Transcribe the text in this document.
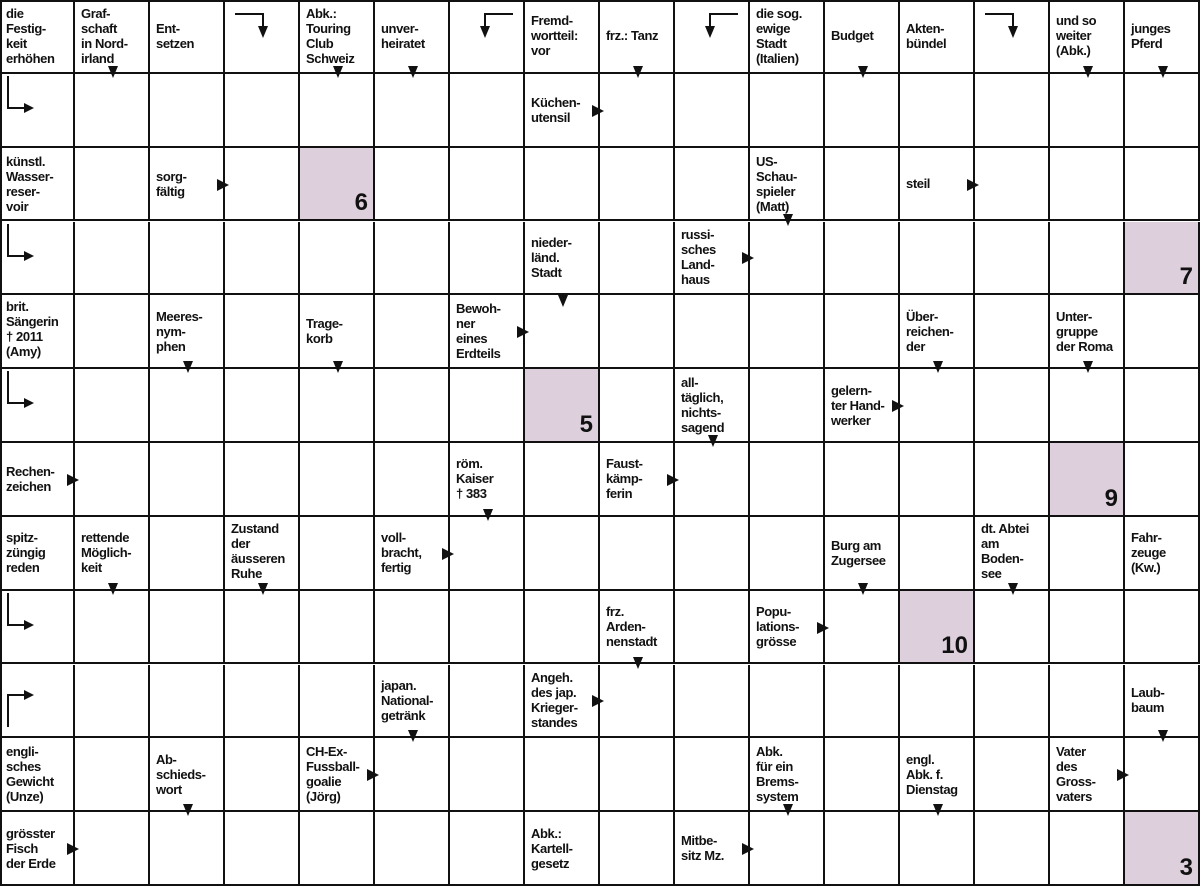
die
Festig-
keit
erhöhen
Graf-
schaft
in Nord-
irland
Ent-
setzen
Abk.:
Touring
Club
Schweiz
unver-
heiratet
Fremd-
wortteil:
vor
frz.: Tanz
die sog.
ewige
Stadt
(Italien)
Budget	Akten-
bündel
und so
weiter
(Abk.)
junges
Pferd
Küchen-
utensil
künstl.
Wasser-
reser-
voir
sorg-
fältig	6
US-
Schau-
spieler
(Matt)
steil
nieder-
länd.
Stadt
russi-
sches
Land-
haus	7
brit.
Sängerin
† 2011
(Amy)
Meeres-
nym-
phen
Trage-
korb
Bewoh-
ner
eines
Erdteils
Über-
reichen-
der
Unter-
gruppe
der Roma
5
all-
täglich,
nichts-
sagend
gelern-
ter Hand-
werker
Rechen-
zeichen
röm.
Kaiser
† 383
Faust-
kämp-
ferin	9
spitz-
züngig
reden
rettende
Möglich-
keit
Zustand
der
äusseren
Ruhe
voll-
bracht,
fertig
Burg am
Zugersee
dt. Abtei
am
Boden-
see
Fahr-
zeuge
(Kw.)
frz.
Arden-
nenstadt
Popu-
lations-
grösse	10
japan.
National-
getränk
Angeh.
des jap.
Krieger-
standes
Laub-
baum
engli-
sches
Gewicht
(Unze)
Ab-
schieds-
wort
CH-Ex-
Fussball-
goalie
(Jörg)
Abk.
für ein
Brems-
system
engl.
Abk. f.
Dienstag
Vater
des
Gross-
vaters
grösster
Fisch
der Erde
Abk.:
Kartell-
gesetz
Mitbe-
sitz Mz.	3
